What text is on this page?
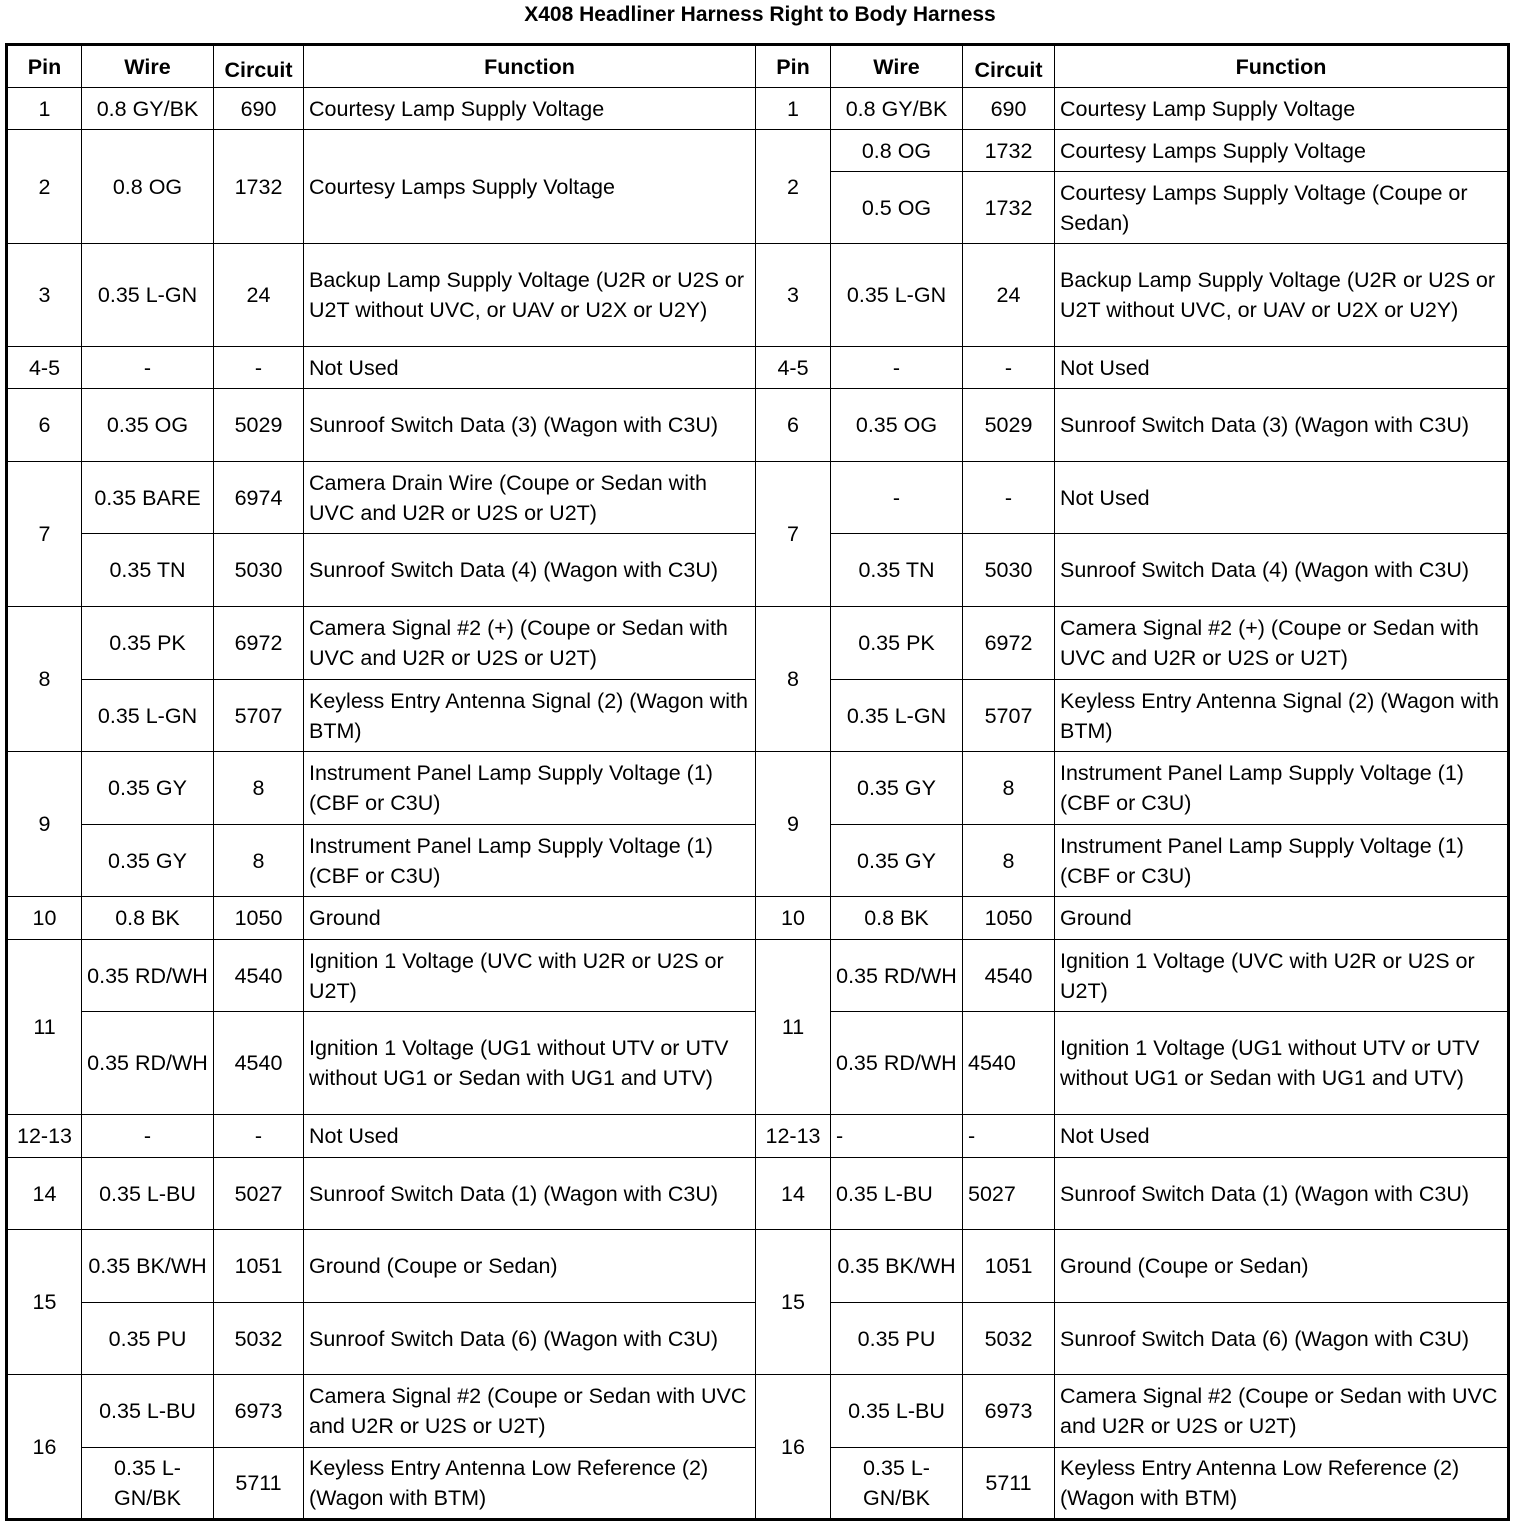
X408 Headliner Harness Right to Body Harness
Pin	Wire	Circuit	Function	Pin	Wire	Circuit	Function
1	0.8 GY/BK	690	Courtesy Lamp Supply Voltage	1	0.8 GY/BK	690	Courtesy Lamp Supply Voltage
2	0.8 OG	1732	Courtesy Lamps Supply Voltage	2	0.8 OG	1732	Courtesy Lamps Supply Voltage
					0.5 OG	1732	Courtesy Lamps Supply Voltage (Coupe or Sedan)
3	0.35 L-GN	24	Backup Lamp Supply Voltage (U2R or U2S or U2T without UVC, or UAV or U2X or U2Y)	3	0.35 L-GN	24	Backup Lamp Supply Voltage (U2R or U2S or U2T without UVC, or UAV or U2X or U2Y)
4-5	-	-	Not Used	4-5	-	-	Not Used
6	0.35 OG	5029	Sunroof Switch Data (3) (Wagon with C3U)	6	0.35 OG	5029	Sunroof Switch Data (3) (Wagon with C3U)
7	0.35 BARE	6974	Camera Drain Wire (Coupe or Sedan with UVC and U2R or U2S or U2T)	7	-	-	Not Used
	0.35 TN	5030	Sunroof Switch Data (4) (Wagon with C3U)		0.35 TN	5030	Sunroof Switch Data (4) (Wagon with C3U)
8	0.35 PK	6972	Camera Signal #2 (+) (Coupe or Sedan with UVC and U2R or U2S or U2T)	8	0.35 PK	6972	Camera Signal #2 (+) (Coupe or Sedan with UVC and U2R or U2S or U2T)
	0.35 L-GN	5707	Keyless Entry Antenna Signal (2) (Wagon with BTM)		0.35 L-GN	5707	Keyless Entry Antenna Signal (2) (Wagon with BTM)
9	0.35 GY	8	Instrument Panel Lamp Supply Voltage (1) (CBF or C3U)	9	0.35 GY	8	Instrument Panel Lamp Supply Voltage (1) (CBF or C3U)
	0.35 GY	8	Instrument Panel Lamp Supply Voltage (1) (CBF or C3U)		0.35 GY	8	Instrument Panel Lamp Supply Voltage (1) (CBF or C3U)
10	0.8 BK	1050	Ground	10	0.8 BK	1050	Ground
11	0.35 RD/WH	4540	Ignition 1 Voltage (UVC with U2R or U2S or U2T)	11	0.35 RD/WH	4540	Ignition 1 Voltage (UVC with U2R or U2S or U2T)
	0.35 RD/WH	4540	Ignition 1 Voltage (UG1 without UTV or UTV without UG1 or Sedan with UG1 and UTV)		0.35 RD/WH	4540	Ignition 1 Voltage (UG1 without UTV or UTV without UG1 or Sedan with UG1 and UTV)
12-13	-	-	Not Used	12-13	-	-	Not Used
14	0.35 L-BU	5027	Sunroof Switch Data (1) (Wagon with C3U)	14	0.35 L-BU	5027	Sunroof Switch Data (1) (Wagon with C3U)
15	0.35 BK/WH	1051	Ground (Coupe or Sedan)	15	0.35 BK/WH	1051	Ground (Coupe or Sedan)
	0.35 PU	5032	Sunroof Switch Data (6) (Wagon with C3U)		0.35 PU	5032	Sunroof Switch Data (6) (Wagon with C3U)
16	0.35 L-BU	6973	Camera Signal #2 (Coupe or Sedan with UVC and U2R or U2S or U2T)	16	0.35 L-BU	6973	Camera Signal #2 (Coupe or Sedan with UVC and U2R or U2S or U2T)
	0.35 L-GN/BK	5711	Keyless Entry Antenna Low Reference (2) (Wagon with BTM)		0.35 L-GN/BK	5711	Keyless Entry Antenna Low Reference (2) (Wagon with BTM)
